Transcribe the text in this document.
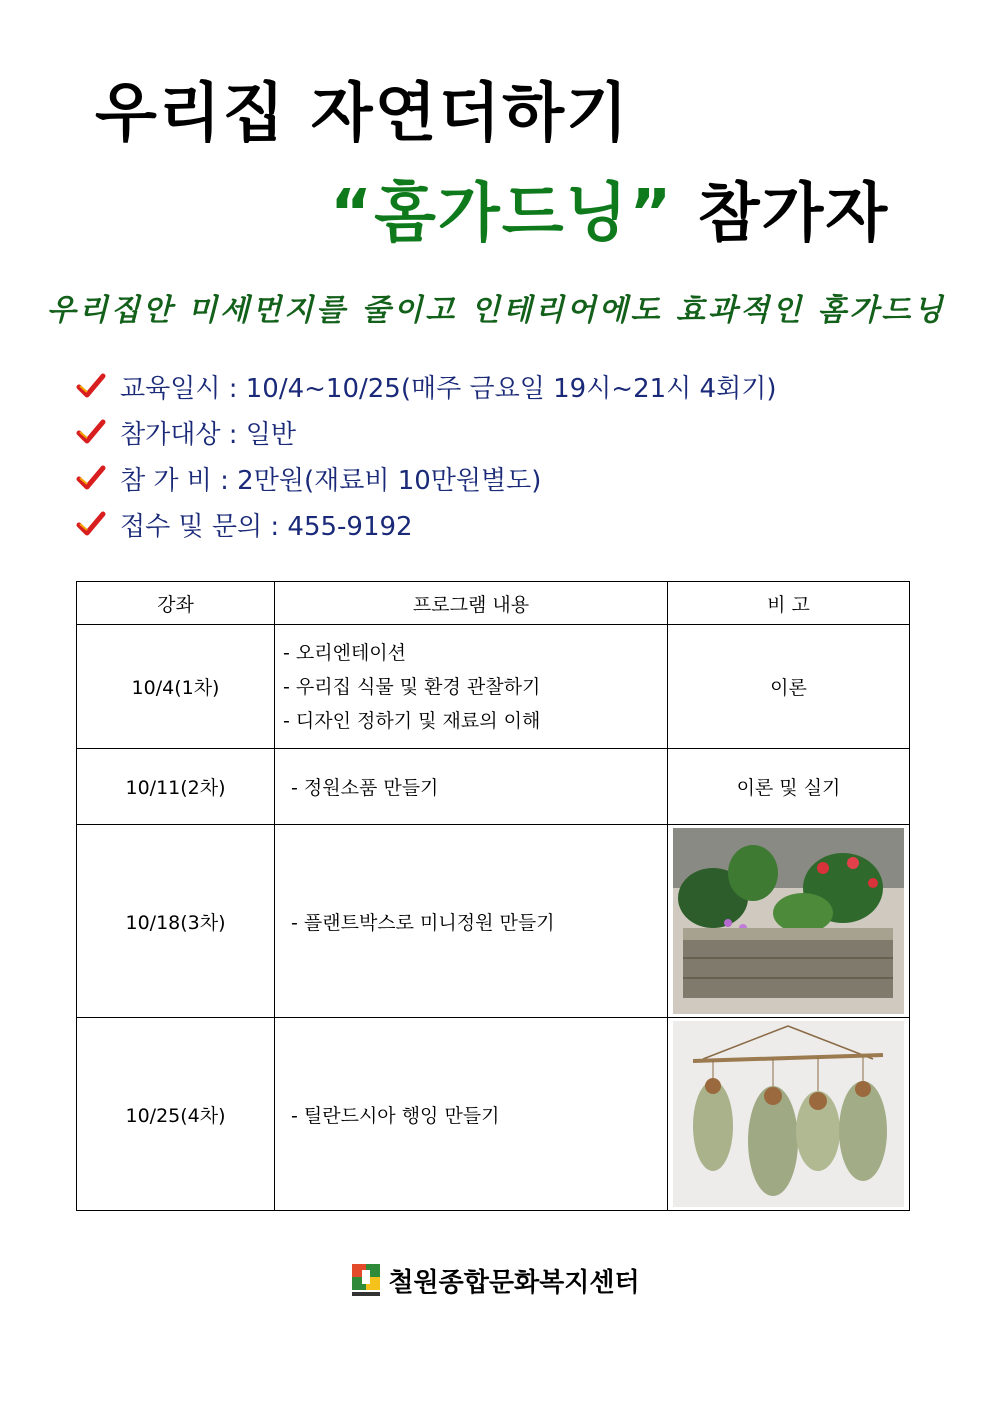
우리집 자연더하기
“홈가드닝” 참가자
우리집안 미세먼지를 줄이고 인테리어에도 효과적인 홈가드닝
교육일시 : 10/4~10/25(매주 금요일 19시~21시 4회기)
참가대상 : 일반
참 가 비 : 2만원(재료비 10만원별도)
접수 및 문의 : 455-9192
강좌	프로그램 내용	비 고
10/4(1차)	- 오리엔테이션
- 우리집 식물 및 환경 관찰하기
- 디자인 정하기 및 재료의 이해	이론
10/11(2차)	- 정원소품 만들기	이론 및 실기
10/18(3차)	- 플랜트박스로 미니정원 만들기

10/25(4차)	- 틸란드시아 행잉 만들기

철원종합문화복지센터
